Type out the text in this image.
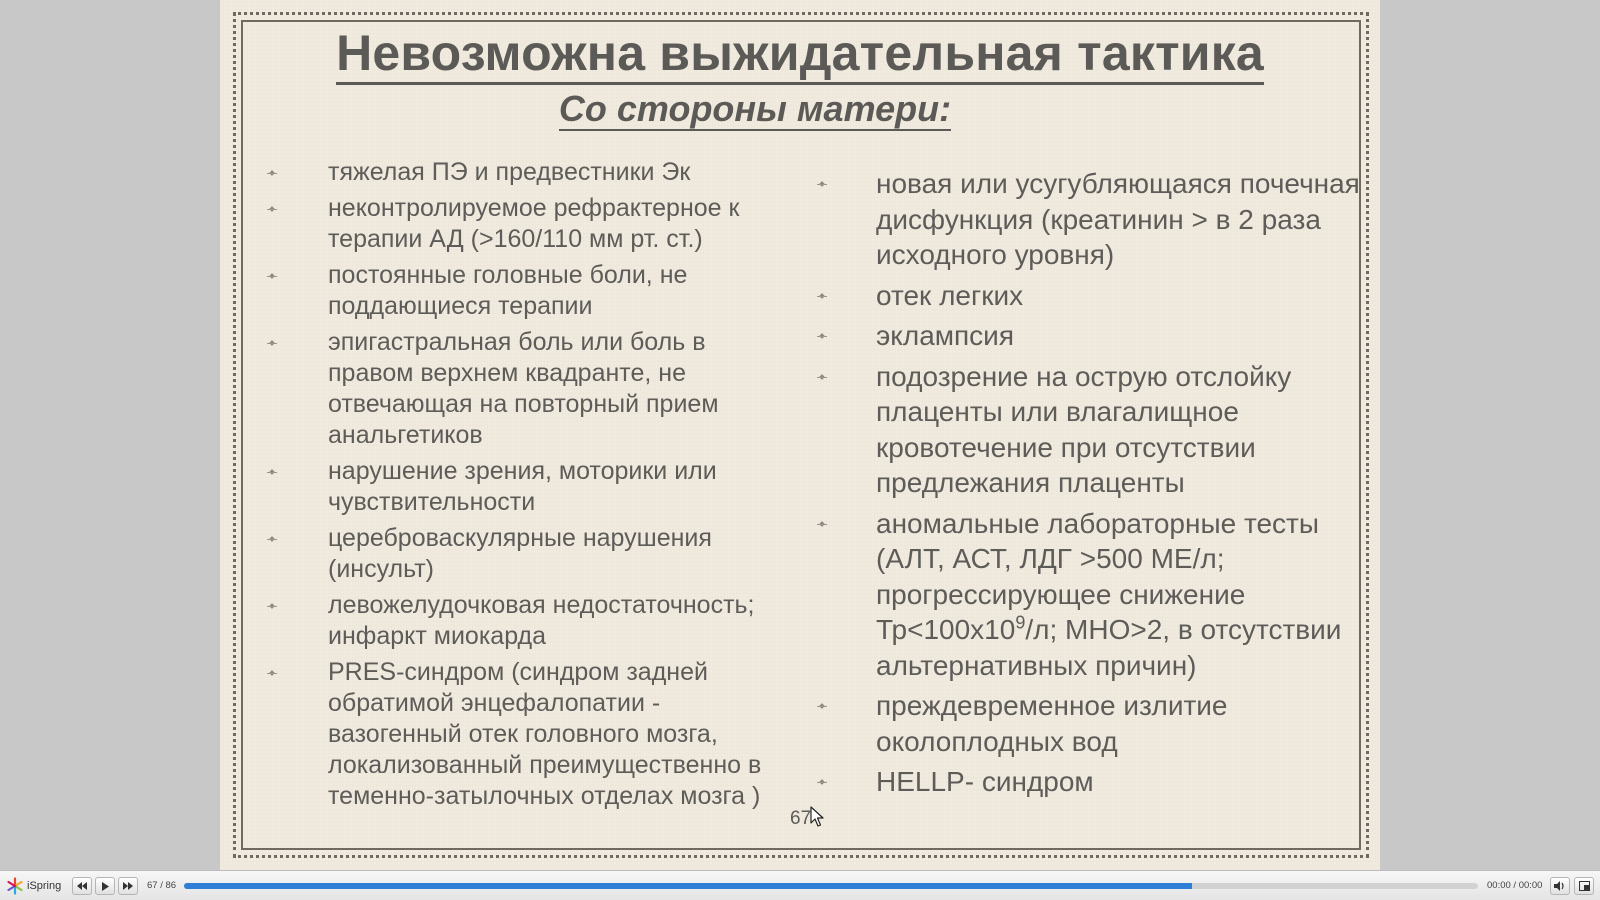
Невозможна выжидательная тактика
Со стороны матери:
тяжелая ПЭ и предвестники Эк
неконтролируемое рефрактерное к терапии АД (>160/110 мм рт. ст.)
постоянные головные боли, не поддающиеся терапии
эпигастральная боль или боль в правом верхнем квадранте, не отвечающая на повторный прием анальгетиков
нарушение зрения, моторики или чувствительности
цереброваскулярные нарушения (инсульт)
левожелудочковая недостаточность; инфаркт миокарда
PRES-синдром (синдром задней обратимой энцефалопатии - вазогенный отек головного мозга, локализованный преимущественно в теменно-затылочных отделах мозга )
новая или усугубляющаяся почечная дисфункция (креатинин > в 2 раза исходного уровня)
отек легких
эклампсия
подозрение на острую отслойку плаценты или влагалищное кровотечение при отсутствии предлежания плаценты
аномальные лабораторные тесты (АЛТ, АСТ, ЛДГ >500 МЕ/л; прогрессирующее снижение $Тр<100х10^9/л$; МНО>2, в отсутствии альтернативных причин)
преждевременное излитие околоплодных вод
HELLP- синдром
67
iSpring	67 / 86	00:00 / 00:00
